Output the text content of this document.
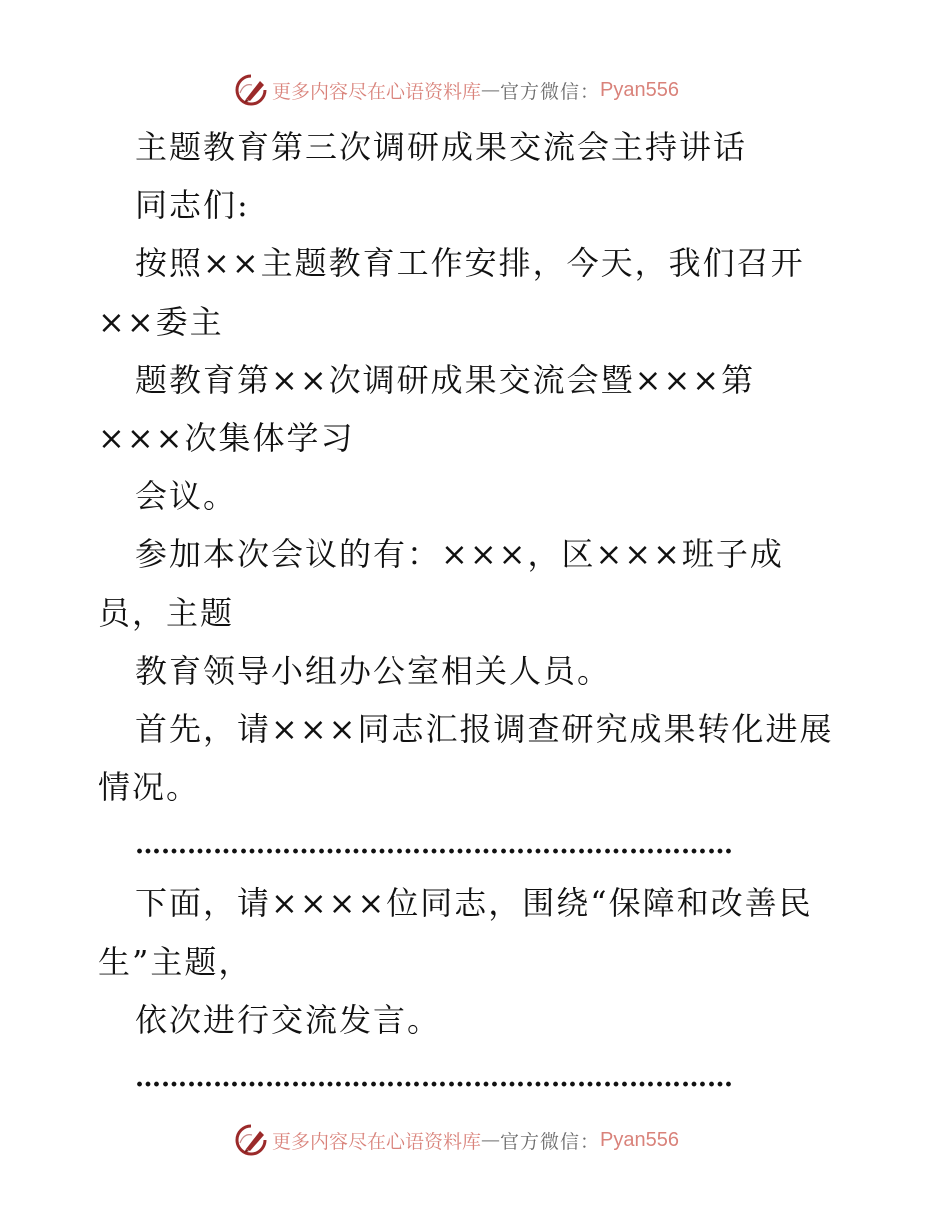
更多内容尽在心语资料库 — 官方微信： Pyan556
主题教育第三次调研成果交流会主持讲话
同志们:
按照××主题教育工作安排，今天，我们召开
××委主
题教育第××次调研成果交流会暨×××第
×××次集体学习
会议。
参加本次会议的有：×××，区×××班子成
员，主题
教育领导小组办公室相关人员。
首先，请×××同志汇报调查研究成果转化进展
情况。
……………………………………………………………
下面，请××××位同志，围绕“保障和改善民
生”主题，
依次进行交流发言。
……………………………………………………………
更多内容尽在心语资料库 — 官方微信： Pyan556
